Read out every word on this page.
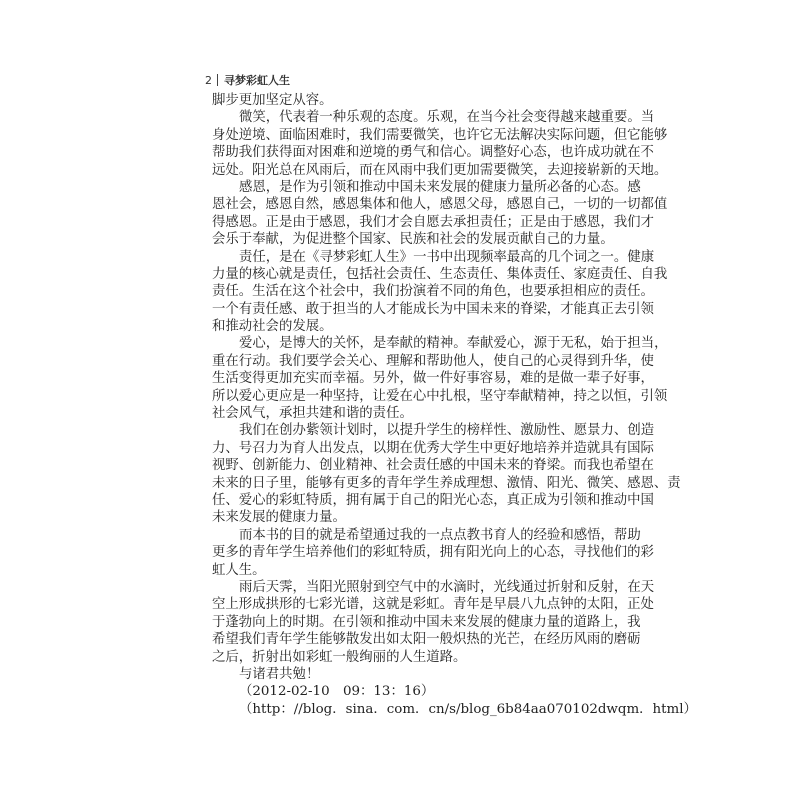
2 寻梦彩虹人生
脚步更加坚定从容。
微笑，代表着一种乐观的态度。乐观，在当今社会变得越来越重要。当
身处逆境、面临困难时，我们需要微笑，也许它无法解决实际问题，但它能够
帮助我们获得面对困难和逆境的勇气和信心。调整好心态，也许成功就在不
远处。阳光总在风雨后，而在风雨中我们更加需要微笑，去迎接崭新的天地。
感恩，是作为引领和推动中国未来发展的健康力量所必备的心态。感
恩社会，感恩自然，感恩集体和他人，感恩父母，感恩自己，一切的一切都值
得感恩。正是由于感恩，我们才会自愿去承担责任；正是由于感恩，我们才
会乐于奉献，为促进整个国家、民族和社会的发展贡献自己的力量。
责任，是在《寻梦彩虹人生》一书中出现频率最高的几个词之一。健康
力量的核心就是责任，包括社会责任、生态责任、集体责任、家庭责任、自我
责任。生活在这个社会中，我们扮演着不同的角色，也要承担相应的责任。
一个有责任感、敢于担当的人才能成长为中国未来的脊梁，才能真正去引领
和推动社会的发展。
爱心，是博大的关怀，是奉献的精神。奉献爱心，源于无私，始于担当，
重在行动。我们要学会关心、理解和帮助他人，使自己的心灵得到升华，使
生活变得更加充实而幸福。另外，做一件好事容易，难的是做一辈子好事，
所以爱心更应是一种坚持，让爱在心中扎根，坚守奉献精神，持之以恒，引领
社会风气，承担共建和谐的责任。
我们在创办紫领计划时，以提升学生的榜样性、激励性、愿景力、创造
力、号召力为育人出发点，以期在优秀大学生中更好地培养并造就具有国际
视野、创新能力、创业精神、社会责任感的中国未来的脊梁。而我也希望在
未来的日子里，能够有更多的青年学生养成理想、激情、阳光、微笑、感恩、责
任、爱心的彩虹特质，拥有属于自己的阳光心态，真正成为引领和推动中国
未来发展的健康力量。
而本书的目的就是希望通过我的一点点教书育人的经验和感悟，帮助
更多的青年学生培养他们的彩虹特质，拥有阳光向上的心态，寻找他们的彩
虹人生。
雨后天霁，当阳光照射到空气中的水滴时，光线通过折射和反射，在天
空上形成拱形的七彩光谱，这就是彩虹。青年是早晨八九点钟的太阳，正处
于蓬勃向上的时期。在引领和推动中国未来发展的健康力量的道路上，我
希望我们青年学生能够散发出如太阳一般炽热的光芒，在经历风雨的磨砺
之后，折射出如彩虹一般绚丽的人生道路。
与诸君共勉！
（2012-02-10　09：13：16）
（http：//blog．sina．com．cn/s/blog_6b84aa070102dwqm．html）
